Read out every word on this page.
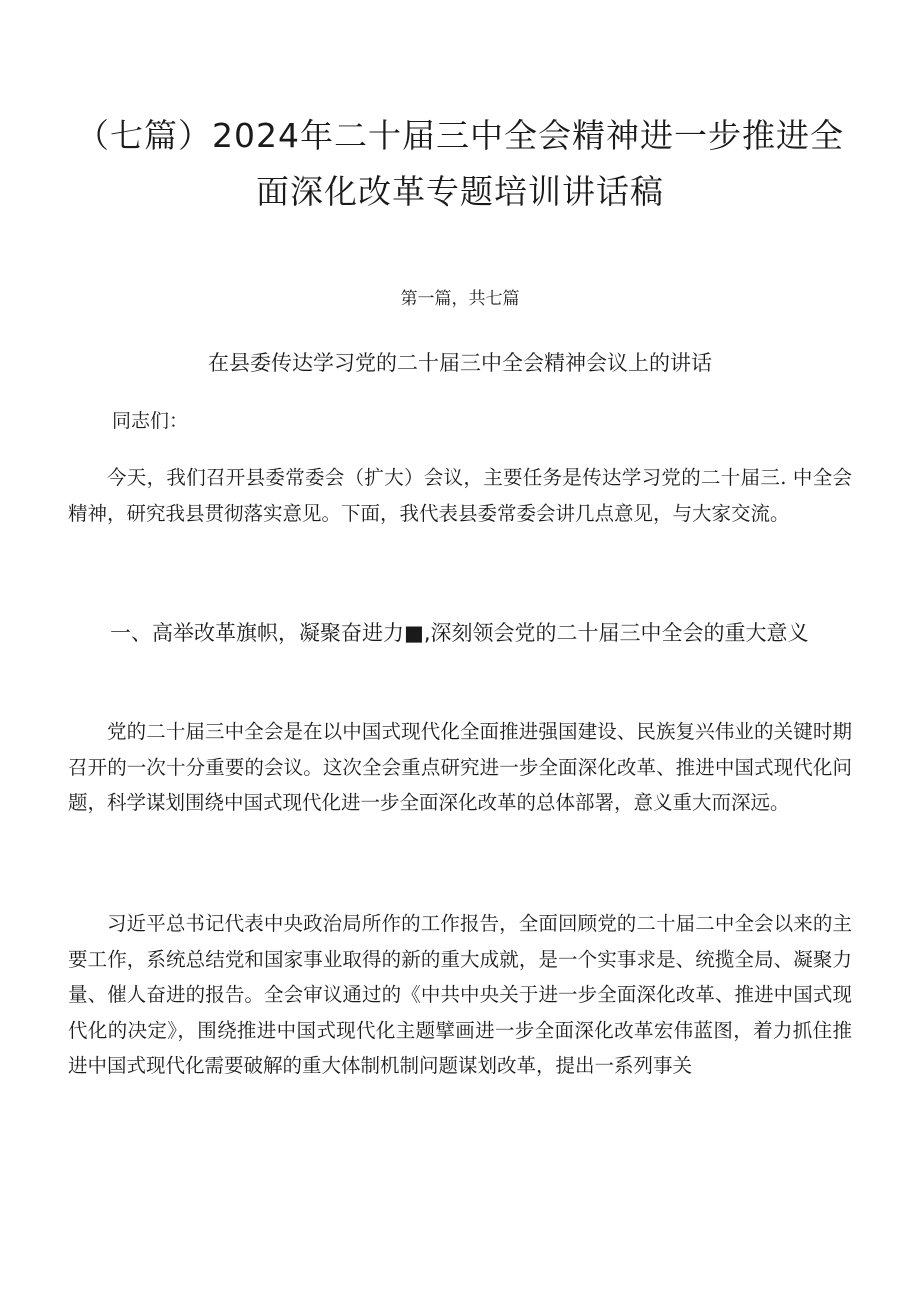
（七篇）2024年二十届三中全会精神进一步推进全面深化改革专题培训讲话稿

第一篇，共七篇

在县委传达学习党的二十届三中全会精神会议上的讲话

同志们：

今天，我们召开县委常委会（扩大）会议，主要任务是传达学习党的二十届三. 中全会精神，研究我县贯彻落实意见。下面，我代表县委常委会讲几点意见，与大家交流。

一、高举改革旗帜，凝聚奋进力■,深刻领会党的二十届三中全会的重大意义

党的二十届三中全会是在以中国式现代化全面推进强国建设、民族复兴伟业的关键时期召开的一次十分重要的会议。这次全会重点研究进一步全面深化改革、推进中国式现代化问题，科学谋划围绕中国式现代化进一步全面深化改革的总体部署，意义重大而深远。

习近平总书记代表中央政治局所作的工作报告，全面回顾党的二十届二中全会以来的主要工作，系统总结党和国家事业取得的新的重大成就，是一个实事求是、统揽全局、凝聚力量、催人奋进的报告。全会审议通过的《中共中央关于进一步全面深化改革、推进中国式现代化的决定》，围绕推进中国式现代化主题擘画进一步全面深化改革宏伟蓝图，着力抓住推进中国式现代化需要破解的重大体制机制问题谋划改革，提出一系列事关
